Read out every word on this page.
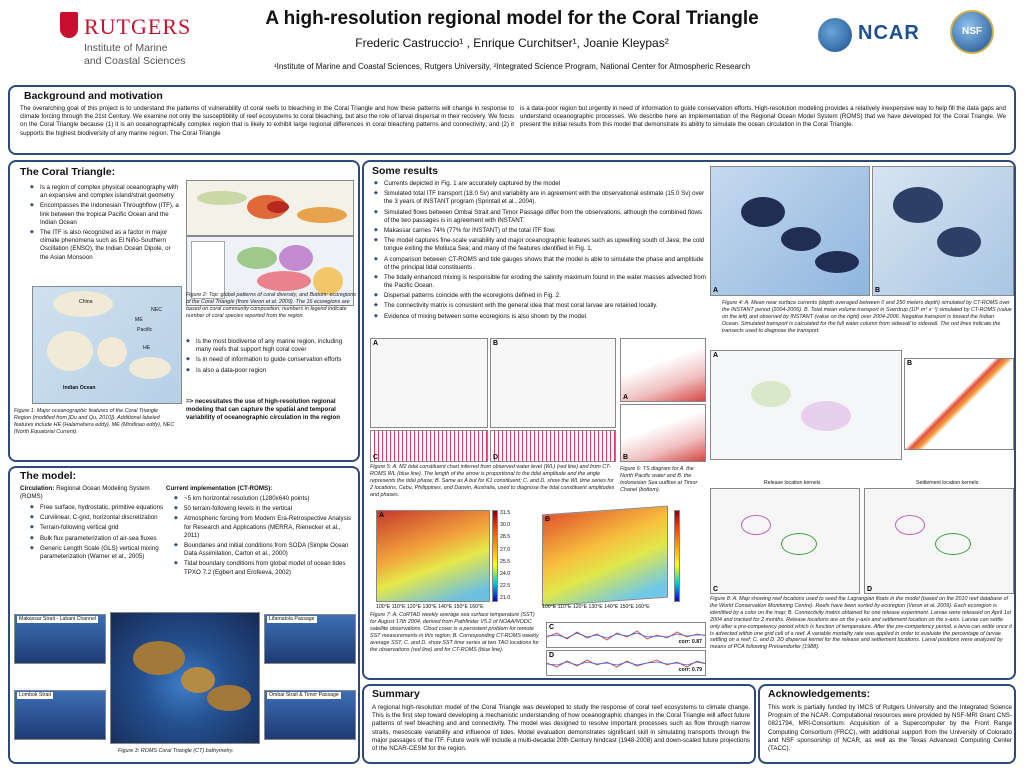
RUTGERS
Institute of Marine
and Coastal Sciences
A high-resolution regional model for the Coral Triangle
Frederic Castruccio¹ , Enrique Curchitser¹, Joanie Kleypas²
¹Institute of Marine and Coastal Sciences, Rutgers University, ²Integrated Science Program, National Center for Atmospheric Research
NCAR	NSF
Background and motivation
The overarching goal of this project is to understand the patterns of vulnerability of coral reefs to bleaching in the Coral Triangle and how these patterns will change in response to climate forcing through the 21st Century. We examine not only the susceptibility of reef ecosystems to coral bleaching, but also the role of larval dispersal in their recovery. We focus on the Coral Triangle because (1) it is an oceanographically complex region that is likely to exhibit large regional differences in coral bleaching patterns and connectivity; and (2) it supports the highest biodiversity of any marine region. The Coral Triangle
is a data-poor region but urgently in need of information to guide conservation efforts. High-resolution modeling provides a relatively inexpensive way to help fill the data gaps and understand oceanographic processes. We describe here an implementation of the Regional Ocean Model System (ROMS) that we have developed for the Coral Triangle. We present the initial results from this model that demonstrate its ability to simulate the ocean circulation in the Coral Triangle.
The Coral Triangle:
◆ Is a region of complex physical oceanography with an expansive and complex island/strait geometry
◆ Encompasses the Indonesian Throughflow (ITF), a link between the tropical Pacific Ocean and the Indian Ocean
◆ The ITF is also recognized as a factor in major climate phenomena such as El Niño-Southern Oscillation (ENSO), the Indian Ocean Dipole, or the Asian Monsoon
China
Pacific
Indian Ocean
NEC
ME
HE
Figure 2: Top: global patterns of coral diversity, and Bottom: ecoregions of the Coral Triangle (from Veron et al. 2009). The 16 ecoregions are based on coral community composition; numbers in legend indicate number of coral species reported from the region.
◆ Is the most biodiverse of any marine region, including many reefs that support high coral cover
◆ Is in need of information to guide conservation efforts
◆ Is also a data-poor region
=> necessitates the use of high-resolution regional modeling that can capture the spatial and temporal variability of oceanographic circulation in the region
Figure 1: Major oceanographic features of the Coral Triangle Region (modified from [Du and Qu, 2010]). Additional labeled features include HE (Halamahera eddy), ME (Mindinao eddy), NEC (North Equatorial Current).
The model:
Circulation: Regional Ocean Modeling System (ROMS)
◆ Free surface, hydrostatic, primitive equations
◆ Curvilinear, C-grid, horizontal discretization
◆ Terrain-following vertical grid
◆ Bulk flux parameterization of air-sea fluxes
◆ Generic Length Scale (GLS) vertical mixing parameterization (Warner et al., 2005)
Current implementation (CT-ROMS):
◆ ~5 km horizontal resolution (1280x640 points)
◆ 50 terrain-following levels in the vertical
◆ Atmospheric forcing from Modern Era-Retrospective Analysis for Research and Applications (MERRA, Rienecker et al., 2011)
◆ Boundaries and initial conditions from SODA (Simple Ocean Data Assimilation, Carton et al., 2000)
◆ Tidal boundary conditions from global model of ocean tides TPXO 7.2 (Egbert and Erofeeva, 2002)
Makassar Strait - Labani Channel	Lifamatola Passage
Lombok Strait	Ombai Strait & Timor Passage
Figure 3: ROMS Coral Triangle (CT) bathymetry.
Some results
◆ Currents depicted in Fig. 1 are accurately captured by the model
◆ Simulated total ITF transport (18.0 Sv) and variability are in agreement with the observational estimate (15.0 Sv) over the 3 years of INSTANT program (Sprintall et al., 2004).
◆ Simulated flows between Ombai Strait and Timor Passage differ from the observations, although the combined flows of the two passages is in agreement with INSTANT.
◆ Makassar carries 74% (77% for INSTANT) of the total ITF flow.
◆ The model captures fine-scale variability and major oceanographic features such as upwelling south of Java; the cold tongue exiting the Molluca Sea; and many of the features identified in Fig. 1.
◆ A comparison between CT-ROMS and tide gauges shows that the model is able to simulate the phase and amplitude of the principal tidal constituents .
◆ The tidally enhanced mixing is responsible for eroding the salinity maximum found in the water masses advected from the Pacific Ocean.
◆ Dispersal patterns coincide with the ecoregions defined in Fig. 2.
◆ The connectivity matrix is consistent with the general idea that most coral larvae are retained locally.
◆ Evidence of mixing between some ecoregions is also shown by the model.
A	B
Figure 4: A. Mean near surface currents (depth averaged between 0 and 250 meters depth) simulated by CT-ROMS over the INSTANT period (2004-2006). B. Total mean volume transport in Sverdrup (10⁶ m³ s⁻¹) simulated by CT-ROMS (value on the left) and observed by INSTANT (value on the right) over 2004-2006. Negative transport is toward the Indian Ocean. Simulated transport is calculated for the full water column from sidewall to sidewall. The red lines indicate the transects used to diagnose the transport.
A	B
C	D
Figure 5: A. M2 tidal constituent chart inferred from observed water level (WL) (red line) and from CT-ROMS WL (blue line). The length of the arrow is proportional to the tidal amplitude and the angle represents the tidal phase; B. Same as A but for K1 constituent; C. and D. show the WL time series for 2 locations, Cebu, Philippines, and Darwin, Australia, used to diagnose the tidal constituent amplitudes and phases.
A
B
Figure 6: TS diagram for A. the North Pacific water and B. the Indonesian Sea outflow at Timor Chanel (bottom).
A
B
Release location kernels	Settlement location kernels
C	D
Figure 8: A. Map showing reef locations used to seed the Lagrangian floats in the model (based on the 2010 reef database of the World Conservation Monitoring Centre). Reefs have been sorted by ecoregion (Veron et al. 2009). Each ecoregion is identified by a color on the map; B. Connectivity matrix obtained for one release experiment. Larvae were released on April 1st 2004 and tracked for 2 months. Release locations are on the y-axis and settlement location on the x-axis. Larvae can settle only after a pre-competency period which is function of temperature. After the pre-competency period, a larva can settle once it is advected within one grid cell of a reef. A variable mortality rate was applied in order to evaluate the percentage of larvae settling on a reef; C. and D. 2D dispersal kernel for the release and settlement locations. Larval positions were analyzed by means of PCA following Preisendorfer (1988).
A	31.5
30.0
28.5
27.0
25.5
24.0
22.5
21.0
B
100°E 110°E 120°E 130°E 140°E 150°E 160°E	100°E 110°E 120°E 130°E 140°E 150°E 160°E
Figure 7: A. CoRTAD weekly average sea surface temperature (SST) for August 17th 2004, derived from Pathfinder V5.2 of NOAA/NODC satellite observations. Cloud cover is a persistent problem for remote SST measurements in this region; B. Corresponding CT-ROMS weekly average SST. C. and D. show SST time series at two TAO locations for the observations (red line) and for CT-ROMS (blue line).
C
corr: 0.87
D
corr: 0.79
Summary
A regional high-resolution model of the Coral Triangle was developed to study the response of coral reef ecosystems to climate change. This is the first step toward developing a mechanistic understanding of how oceanographic changes in the Coral Triangle will affect future patterns of reef bleaching and and connectivity. The model was designed to resolve important processes such as flow through narrow straits, mesoscale variability and influence of tides. Model evaluation demonstrates significant skill in simulating transports through the major passages of the ITF. Future work will include a multi-decadal 20th Century hindcast (1948-2008) and down-scaled future projections of the NCAR-CESM for the region.
Acknowledgements:
This work is partially funded by IMCS of Rutgers University and the Integrated Science Program of the NCAR. Computational resources were provided by NSF-MRI Grant CNS-0821794, MRI-Consortium: Acquisition of a Supercomputer by the Front Range Computing Consortium (FRCC), with additional support from the University of Colorado and NSF sponsorship of NCAR, as well as the Texas Advanced Computing Center (TACC).
